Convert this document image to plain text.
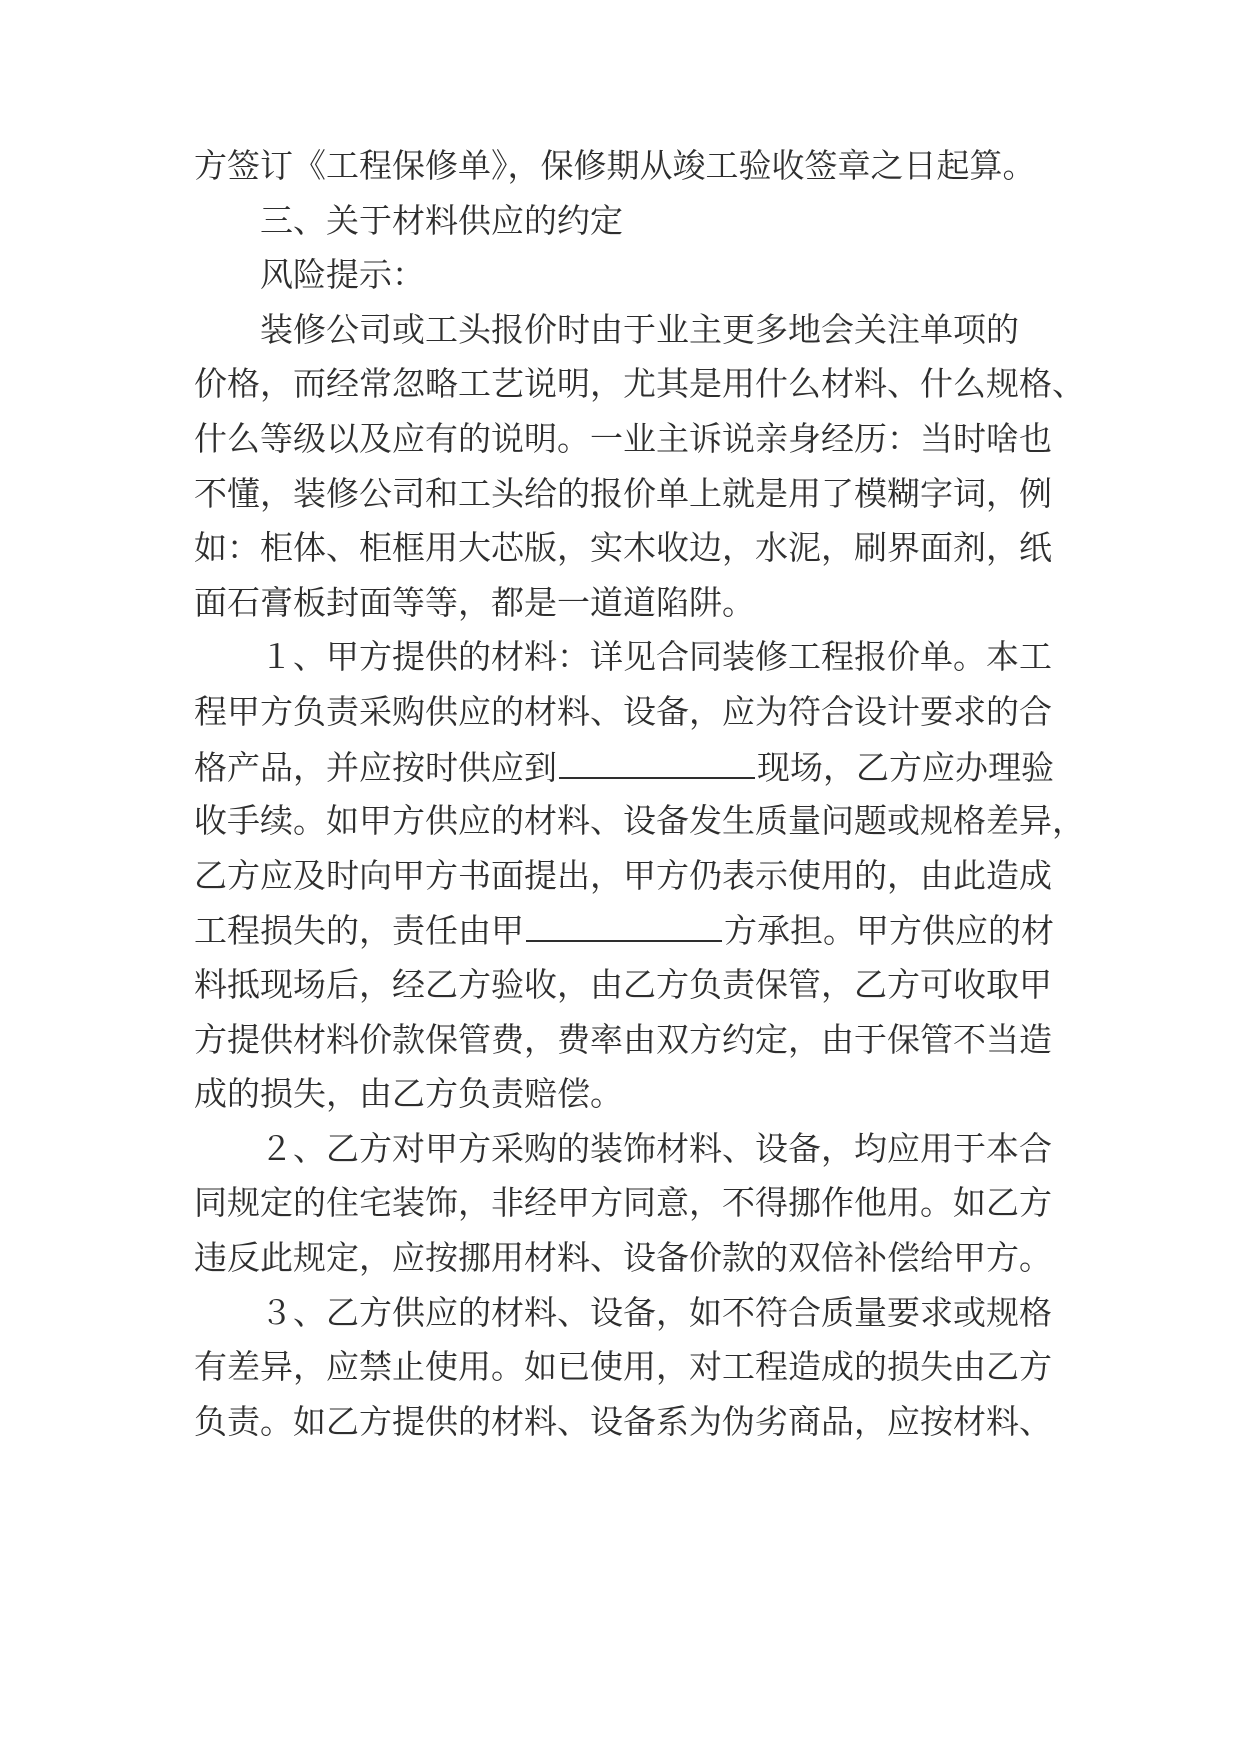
方签订《工程保修单》，保修期从竣工验收签章之日起算。

三、关于材料供应的约定

风险提示：

装修公司或工头报价时由于业主更多地会关注单项的

价格，而经常忽略工艺说明，尤其是用什么材料、什么规格、

什么等级以及应有的说明。一业主诉说亲身经历：当时啥也

不懂，装修公司和工头给的报价单上就是用了模糊字词，例

如：柜体、柜框用大芯版，实木收边，水泥，刷界面剂，纸

面石膏板封面等等，都是一道道陷阱。

１、甲方提供的材料：详见合同装修工程报价单。本工

程甲方负责采购供应的材料、设备，应为符合设计要求的合

格产品，并应按时供应到	现场，乙方应办理验

收手续。如甲方供应的材料、设备发生质量问题或规格差异，

乙方应及时向甲方书面提出，甲方仍表示使用的，由此造成

工程损失的，责任由甲	方承担。甲方供应的材

料抵现场后，经乙方验收，由乙方负责保管，乙方可收取甲

方提供材料价款保管费，费率由双方约定，由于保管不当造

成的损失，由乙方负责赔偿。

２、乙方对甲方采购的装饰材料、设备，均应用于本合

同规定的住宅装饰，非经甲方同意，不得挪作他用。如乙方

违反此规定，应按挪用材料、设备价款的双倍补偿给甲方。

３、乙方供应的材料、设备，如不符合质量要求或规格

有差异，应禁止使用。如已使用，对工程造成的损失由乙方

负责。如乙方提供的材料、设备系为伪劣商品，应按材料、
